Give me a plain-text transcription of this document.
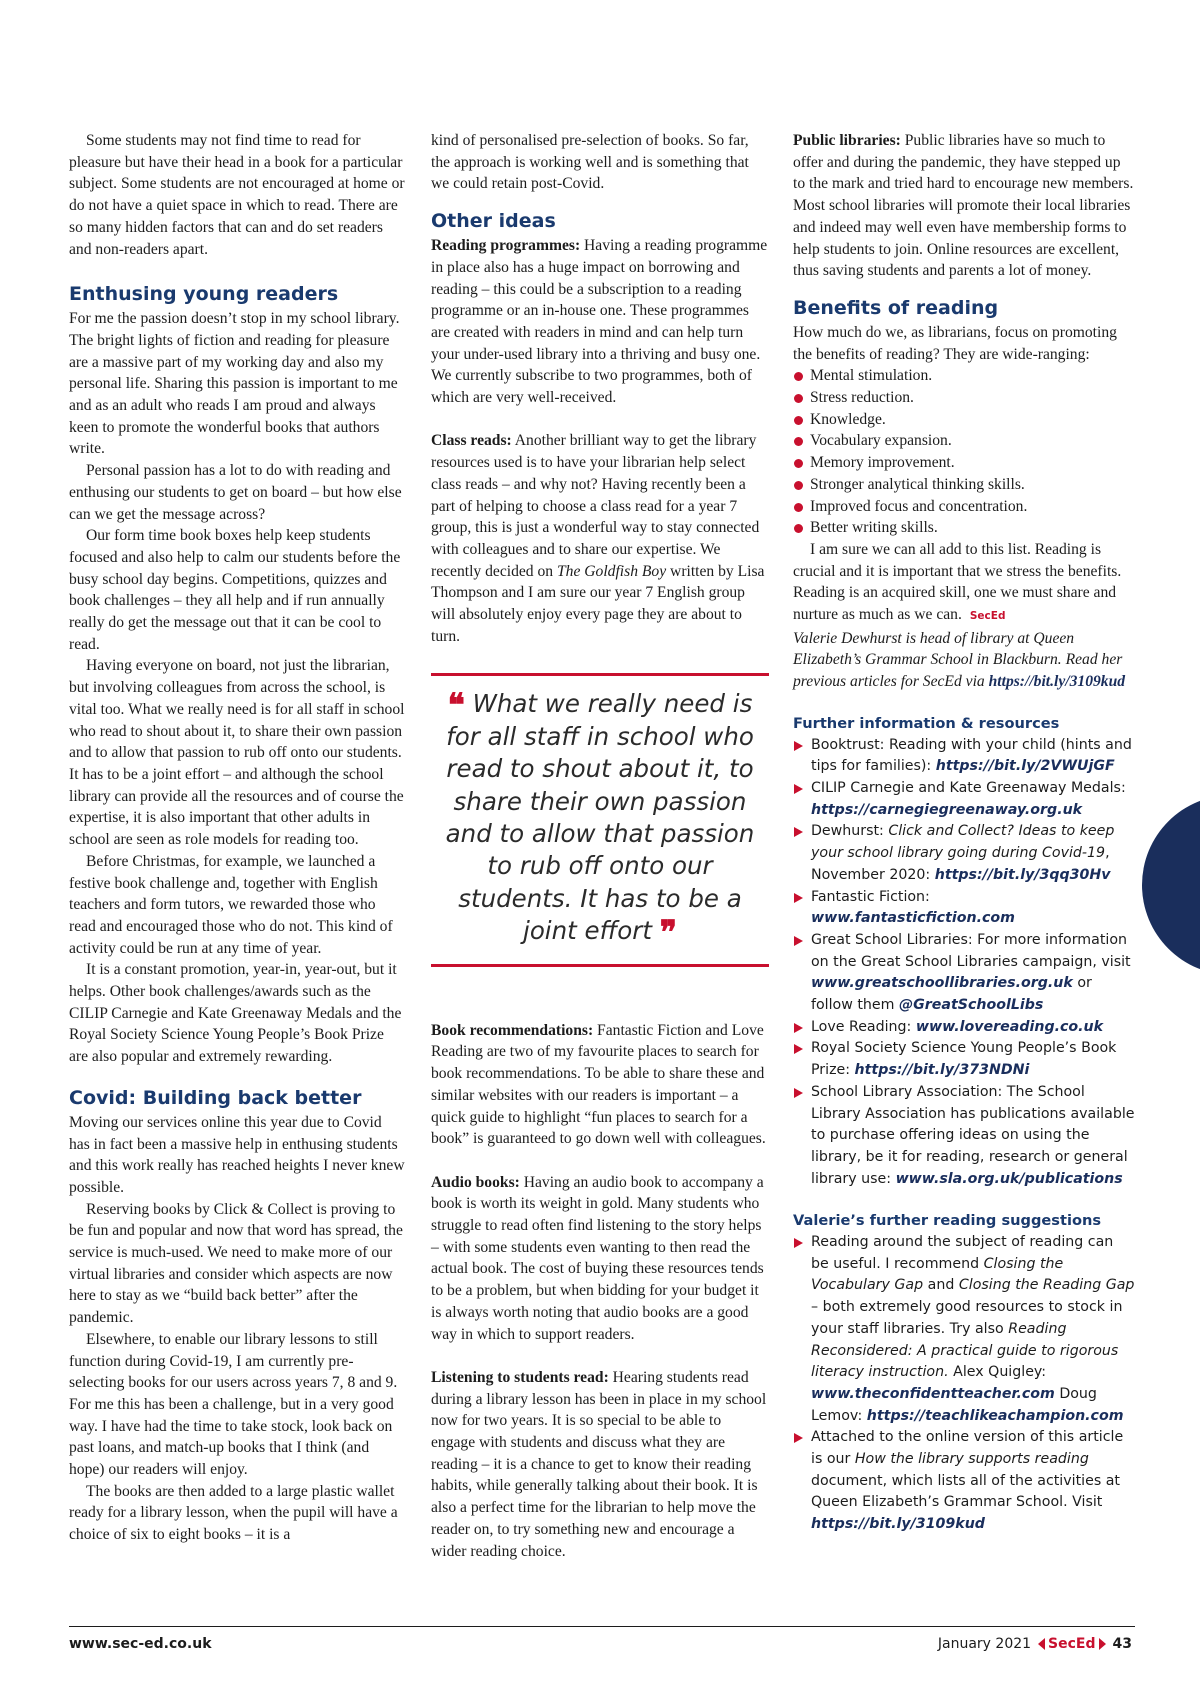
Some students may not find time to read for pleasure but have their head in a book for a particular subject. Some students are not encouraged at home or do not have a quiet space in which to read. There are so many hidden factors that can and do set readers and non-readers apart.

Enthusing young readers

For me the passion doesn’t stop in my school library. The bright lights of fiction and reading for pleasure are a massive part of my working day and also my personal life. Sharing this passion is important to me and as an adult who reads I am proud and always keen to promote the wonderful books that authors write.

Personal passion has a lot to do with reading and enthusing our students to get on board – but how else can we get the message across?

Our form time book boxes help keep students focused and also help to calm our students before the busy school day begins. Competitions, quizzes and book challenges – they all help and if run annually really do get the message out that it can be cool to read.

Having everyone on board, not just the librarian, but involving colleagues from across the school, is vital too. What we really need is for all staff in school who read to shout about it, to share their own passion and to allow that passion to rub off onto our students. It has to be a joint effort – and although the school library can provide all the resources and of course the expertise, it is also important that other adults in school are seen as role models for reading too.

Before Christmas, for example, we launched a festive book challenge and, together with English teachers and form tutors, we rewarded those who read and encouraged those who do not. This kind of activity could be run at any time of year.

It is a constant promotion, year-in, year-out, but it helps. Other book challenges/awards such as the CILIP Carnegie and Kate Greenaway Medals and the Royal Society Science Young People’s Book Prize are also popular and extremely rewarding.

Covid: Building back better

Moving our services online this year due to Covid has in fact been a massive help in enthusing students and this work really has reached heights I never knew possible.

Reserving books by Click & Collect is proving to be fun and popular and now that word has spread, the service is much-used. We need to make more of our virtual libraries and consider which aspects are now here to stay as we “build back better” after the pandemic.

Elsewhere, to enable our library lessons to still function during Covid-19, I am currently pre-selecting books for our users across years 7, 8 and 9. For me this has been a challenge, but in a very good way. I have had the time to take stock, look back on past loans, and match-up books that I think (and hope) our readers will enjoy.

The books are then added to a large plastic wallet ready for a library lesson, when the pupil will have a choice of six to eight books – it is a

kind of personalised pre-selection of books. So far, the approach is working well and is something that we could retain post-Covid.

Other ideas

Reading programmes: Having a reading programme in place also has a huge impact on borrowing and reading – this could be a subscription to a reading programme or an in-house one. These programmes are created with readers in mind and can help turn your under-used library into a thriving and busy one. We currently subscribe to two programmes, both of which are very well-received.

Class reads: Another brilliant way to get the library resources used is to have your librarian help select class reads – and why not? Having recently been a part of helping to choose a class read for a year 7 group, this is just a wonderful way to stay connected with colleagues and to share our expertise. We recently decided on The Goldfish Boy written by Lisa Thompson and I am sure our year 7 English group will absolutely enjoy every page they are about to turn.

❝ What we really need is for all staff in school who read to shout about it, to share their own passion and to allow that passion to rub off onto our students. It has to be a joint effort ❞

Book recommendations: Fantastic Fiction and Love Reading are two of my favourite places to search for book recommendations. To be able to share these and similar websites with our readers is important – a quick guide to highlight “fun places to search for a book” is guaranteed to go down well with colleagues.

Audio books: Having an audio book to accompany a book is worth its weight in gold. Many students who struggle to read often find listening to the story helps – with some students even wanting to then read the actual book. The cost of buying these resources tends to be a problem, but when bidding for your budget it is always worth noting that audio books are a good way in which to support readers.

Listening to students read: Hearing students read during a library lesson has been in place in my school now for two years. It is so special to be able to engage with students and discuss what they are reading – it is a chance to get to know their reading habits, while generally talking about their book. It is also a perfect time for the librarian to help move the reader on, to try something new and encourage a wider reading choice.

Public libraries: Public libraries have so much to offer and during the pandemic, they have stepped up to the mark and tried hard to encourage new members. Most school libraries will promote their local libraries and indeed may well even have membership forms to help students to join. Online resources are excellent, thus saving students and parents a lot of money.

Benefits of reading

How much do we, as librarians, focus on promoting the benefits of reading? They are wide-ranging:

Mental stimulation.
Stress reduction.
Knowledge.
Vocabulary expansion.
Memory improvement.
Stronger analytical thinking skills.
Improved focus and concentration.
Better writing skills.

I am sure we can all add to this list. Reading is crucial and it is important that we stress the benefits. Reading is an acquired skill, one we must share and nurture as much as we can. SecEd

Valerie Dewhurst is head of library at Queen Elizabeth’s Grammar School in Blackburn. Read her previous articles for SecEd via https://bit.ly/3109kud

Further information & resources
Booktrust: Reading with your child (hints and tips for families): https://bit.ly/2VWUjGF
CILIP Carnegie and Kate Greenaway Medals: https://carnegiegreenaway.org.uk
Dewhurst: Click and Collect? Ideas to keep your school library going during Covid-19, November 2020: https://bit.ly/3qq30Hv
Fantastic Fiction: www.fantasticfiction.com
Great School Libraries: For more information on the Great School Libraries campaign, visit www.greatschoollibraries.org.uk or follow them @GreatSchoolLibs
Love Reading: www.lovereading.co.uk
Royal Society Science Young People’s Book Prize: https://bit.ly/373NDNi
School Library Association: The School Library Association has publications available to purchase offering ideas on using the library, be it for reading, research or general library use: www.sla.org.uk/publications
Valerie’s further reading suggestions
Reading around the subject of reading can be useful. I recommend Closing the Vocabulary Gap and Closing the Reading Gap – both extremely good resources to stock in your staff libraries. Try also Reading Reconsidered: A practical guide to rigorous literacy instruction. Alex Quigley: www.theconfidentteacher.com Doug Lemov: https://teachlikeachampion.com
Attached to the online version of this article is our How the library supports reading document, which lists all of the activities at Queen Elizabeth’s Grammar School. Visit https://bit.ly/3109kud
www.sec-ed.co.uk	January 2021 SecEd 43
